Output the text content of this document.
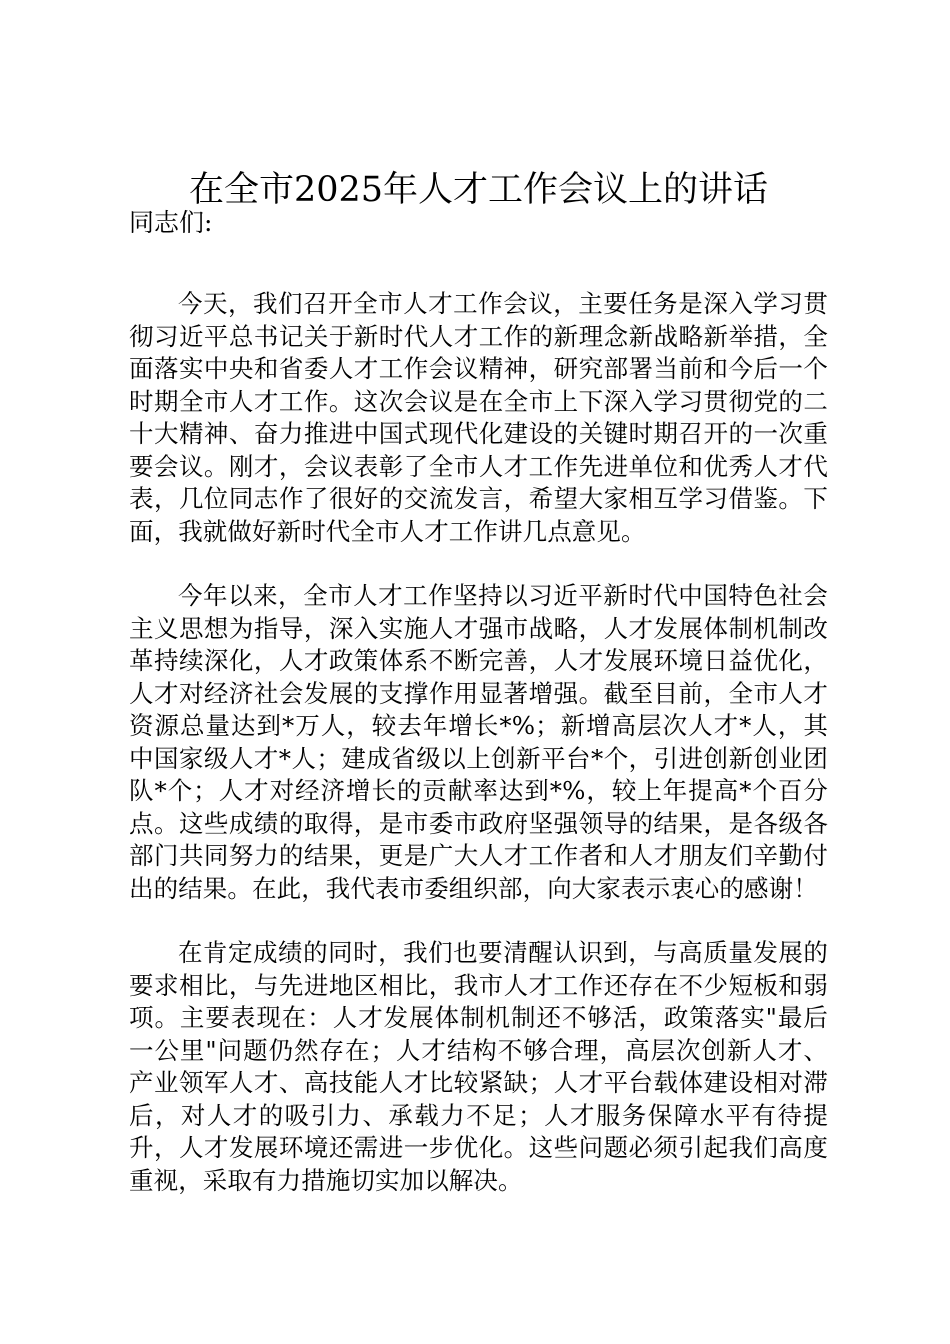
在全市2025年人才工作会议上的讲话

同志们:

今天，我们召开全市人才工作会议，主要任务是深入学习贯彻习近平总书记关于新时代人才工作的新理念新战略新举措，全面落实中央和省委人才工作会议精神，研究部署当前和今后一个时期全市人才工作。这次会议是在全市上下深入学习贯彻党的二十大精神、奋力推进中国式现代化建设的关键时期召开的一次重要会议。刚才，会议表彰了全市人才工作先进单位和优秀人才代表，几位同志作了很好的交流发言，希望大家相互学习借鉴。下面，我就做好新时代全市人才工作讲几点意见。

今年以来，全市人才工作坚持以习近平新时代中国特色社会主义思想为指导，深入实施人才强市战略，人才发展体制机制改革持续深化，人才政策体系不断完善，人才发展环境日益优化，人才对经济社会发展的支撑作用显著增强。截至目前，全市人才资源总量达到*万人，较去年增长*%；新增高层次人才*人，其中国家级人才*人；建成省级以上创新平台*个，引进创新创业团队*个；人才对经济增长的贡献率达到*%，较上年提高*个百分点。这些成绩的取得，是市委市政府坚强领导的结果，是各级各部门共同努力的结果，更是广大人才工作者和人才朋友们辛勤付出的结果。在此，我代表市委组织部，向大家表示衷心的感谢！

在肯定成绩的同时，我们也要清醒认识到，与高质量发展的要求相比，与先进地区相比，我市人才工作还存在不少短板和弱项。主要表现在：人才发展体制机制还不够活，政策落实"最后一公里"问题仍然存在；人才结构不够合理，高层次创新人才、产业领军人才、高技能人才比较紧缺；人才平台载体建设相对滞后，对人才的吸引力、承载力不足；人才服务保障水平有待提升，人才发展环境还需进一步优化。这些问题必须引起我们高度重视，采取有力措施切实加以解决。
